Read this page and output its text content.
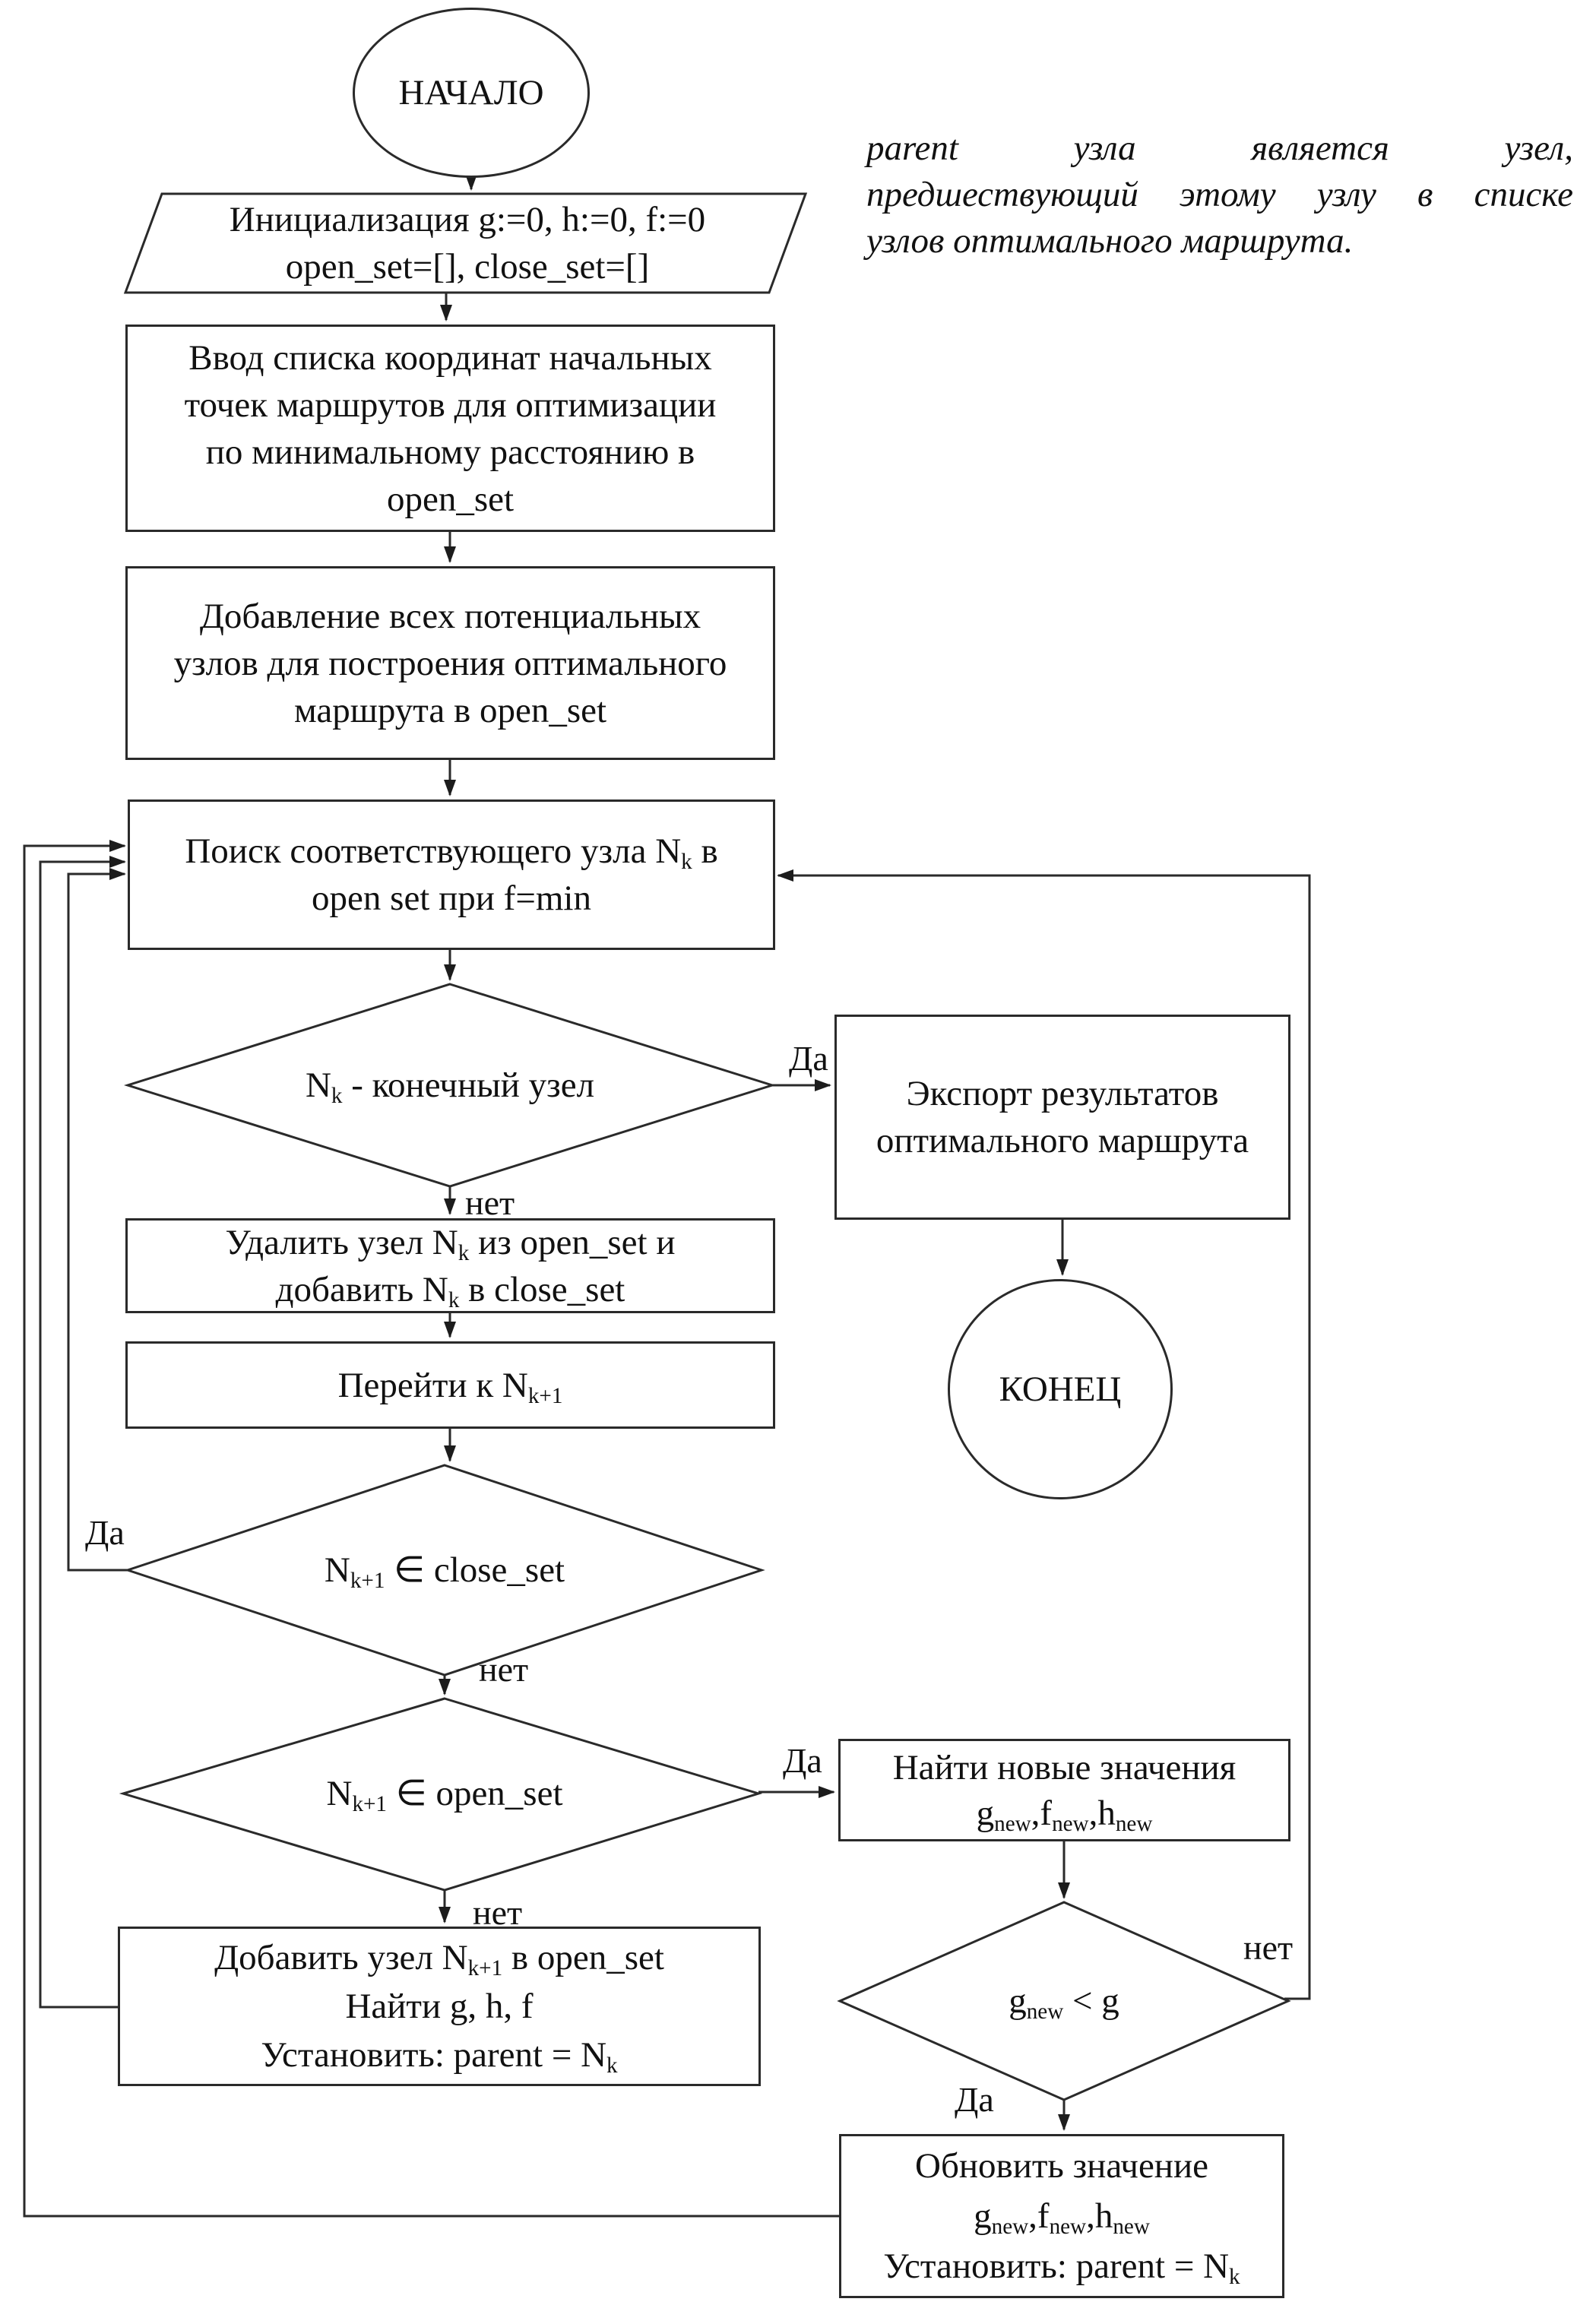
НАЧАЛО
Инициализация g:=0, h:=0, f:=0
open_set=[], close_set=[]
Ввод списка координат начальных
точек маршрутов для оптимизации
по минимальному расстоянию в
open_set
Добавление всех потенциальных
узлов для построения оптимального
маршрута в open_set
Поиск соответствующего узла $N_k$ в
open set при f=min
$N_k$ - конечный узел	Экспорт результатов
оптимального маршрута
КОНЕЦ
Удалить узел $N_k$ из open_set и
добавить $N_k$ в close_set
Перейти к $N_{k+1}$
$N_{k+1}$ ∈ close_set
$N_{k+1}$ ∈ open_set
Найти новые значения
$g_{new},f_{new},h_{new}$
Добавить узел $N_{k+1}$ в open_set
Найти g, h, f
Установить: parent = $N_k$
$g_{new} < g$
Обновить значение
$g_{new},f_{new},h_{new}$
Установить: parent = $N_k$
Да
нет
Да
нет
Да
нет
нет
Да
parent узла является узел,
предшествующий этому узлу в списке
узлов оптимального маршрута.
